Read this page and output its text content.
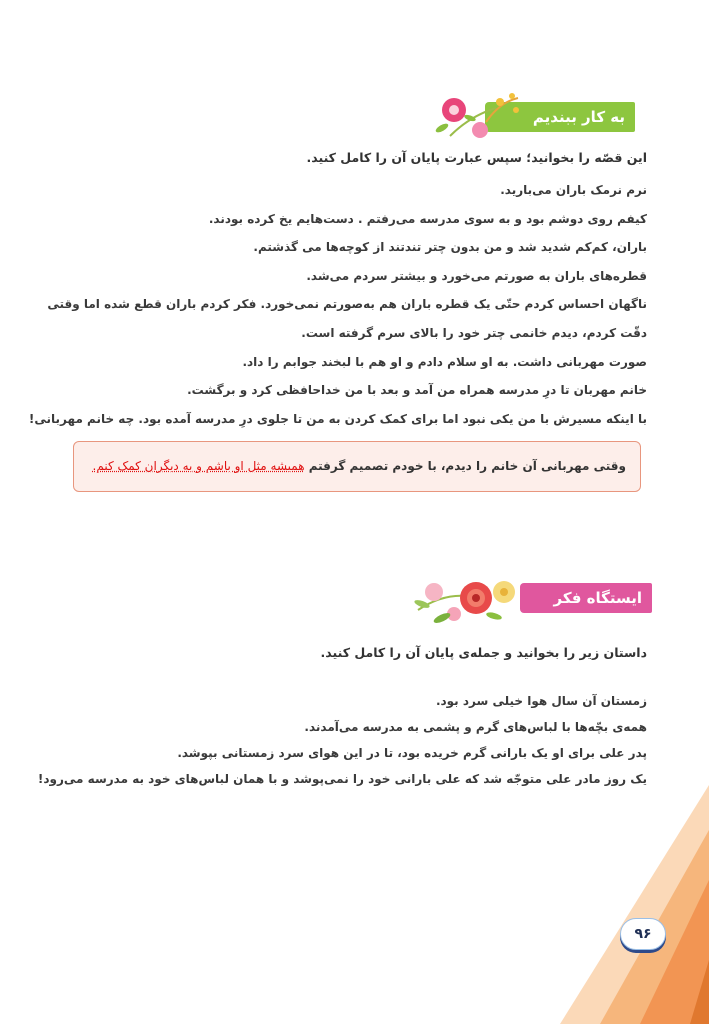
به کار ببندیم
این قصّه را بخوانید؛ سپس عبارت پایان آن را کامل کنید.
نرم نرمک باران می‌بارید.
کیفم روی دوشم بود و به سوی مدرسه می‌رفتم . دست‌هایم یخ کرده بودند.
باران، کم‌کم شدید شد و من بدون چتر تند‌تند از کوچه‌ها می گذشتم.
قطره‌های باران به صورتم می‌خورد و بیشتر سردم می‌شد.
ناگهان احساس کردم حتّی یک قطره باران هم به‌صورتم نمی‌خورد. فکر کردم باران قطع شده اما وقتی
دقّت کردم، دیدم خانمی چتر خود را بالای سرم گرفته است.
صورت مهربانی داشت. به او سلام دادم و او هم با لبخند جوابم را داد.
خانم مهربان تا درِ مدرسه همراه من آمد و بعد با من خداحافظی کرد و برگشت.
با اینکه مسیرش با من یکی نبود اما برای کمک کردن به من تا جلوی درِ مدرسه آمده بود. چه خانم مهربانی!
وقتی مهربانی آن خانم را دیدم، با خودم تصمیم گرفتم همیشه مثل او باشم و به دیگران کمک کنم.
ایستگاه فکر
داستان زیر را بخوانید و جمله‌ی پایان آن را کامل کنید.
زمستان آن سال هوا خیلی سرد بود.
همه‌ی بچّه‌ها با لباس‌های گرم و پشمی به مدرسه می‌آمدند.
پدر علی برای او یک بارانی گرم خریده بود، تا در این هوای سرد زمستانی بپوشد.
یک روز مادر علی متوجّه شد که علی بارانی خود را نمی‌پوشد و با همان لباس‌های خود به مدرسه می‌رود!
۹۶
